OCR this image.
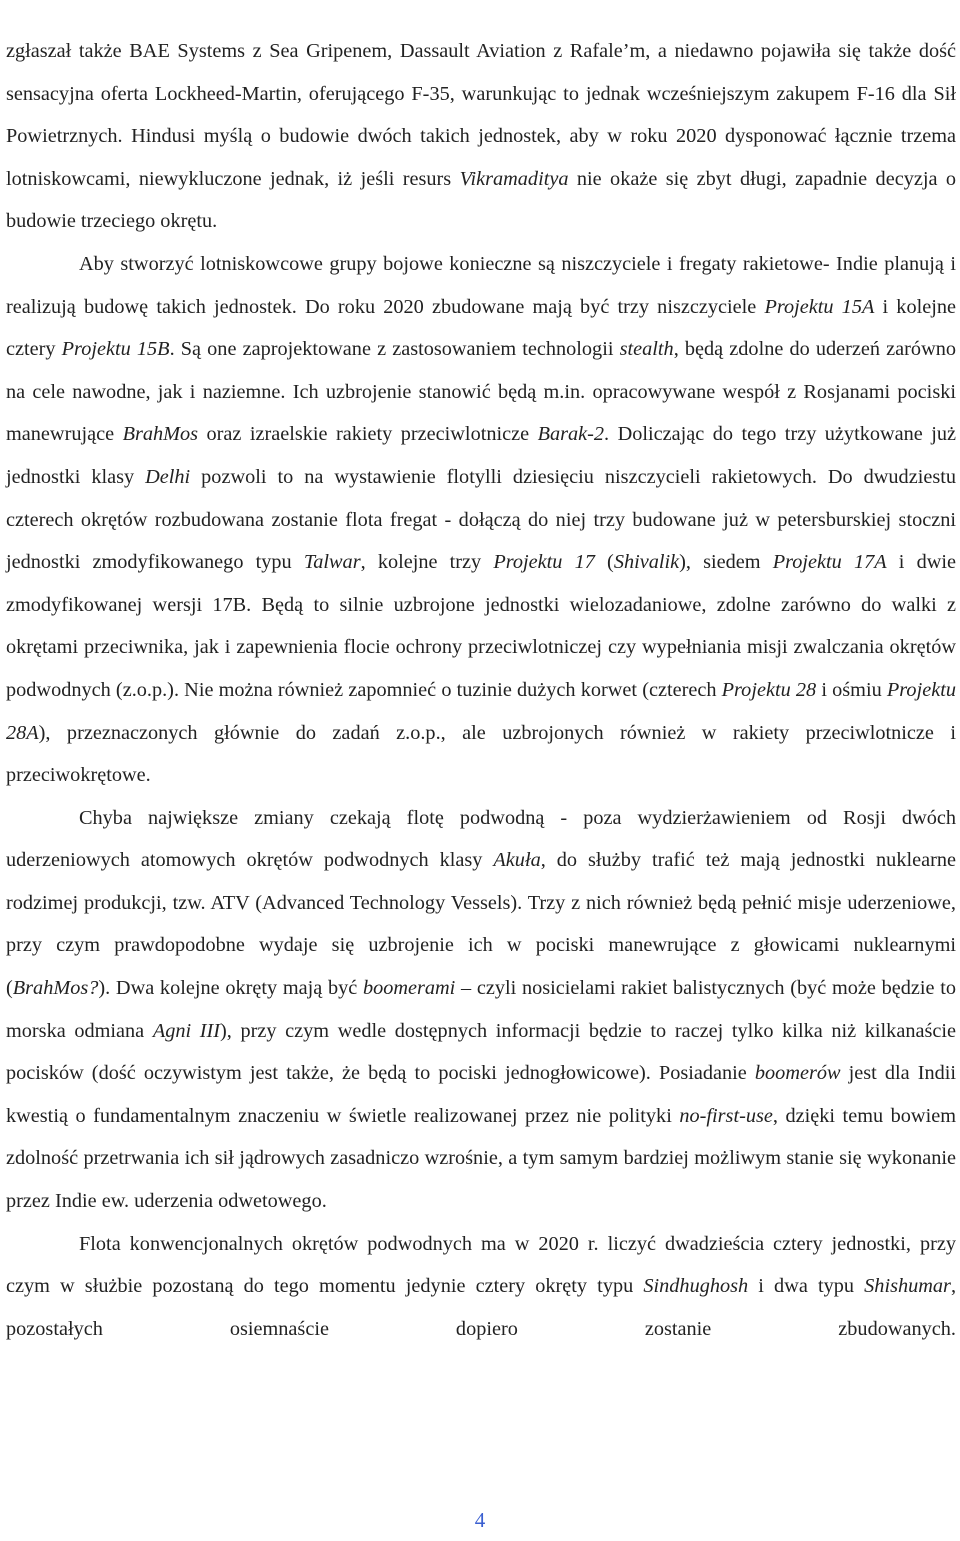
zgłaszał także BAE Systems z Sea Gripenem, Dassault Aviation z Rafale’m, a niedawno pojawiła się także dość sensacyjna oferta Lockheed-Martin, oferującego F-35, warunkując to jednak wcześniejszym zakupem F-16 dla Sił Powietrznych. Hindusi myślą o budowie dwóch takich jednostek, aby w roku 2020 dysponować łącznie trzema lotniskowcami, niewykluczone jednak, iż jeśli resurs Vikramaditya nie okaże się zbyt długi, zapadnie decyzja o budowie trzeciego okrętu.

Aby stworzyć lotniskowcowe grupy bojowe konieczne są niszczyciele i fregaty rakietowe- Indie planują i realizują budowę takich jednostek. Do roku 2020 zbudowane mają być trzy niszczyciele Projektu 15A i kolejne cztery Projektu 15B. Są one zaprojektowane z zastosowaniem technologii stealth, będą zdolne do uderzeń zarówno na cele nawodne, jak i naziemne. Ich uzbrojenie stanowić będą m.in. opracowywane wespół z Rosjanami pociski manewrujące BrahMos oraz izraelskie rakiety przeciwlotnicze Barak-2. Doliczając do tego trzy użytkowane już jednostki klasy Delhi pozwoli to na wystawienie flotylli dziesięciu niszczycieli rakietowych. Do dwudziestu czterech okrętów rozbudowana zostanie flota fregat - dołączą do niej trzy budowane już w petersburskiej stoczni jednostki zmodyfikowanego typu Talwar, kolejne trzy Projektu 17 (Shivalik), siedem Projektu 17A i dwie zmodyfikowanej wersji 17B. Będą to silnie uzbrojone jednostki wielozadaniowe, zdolne zarówno do walki z okrętami przeciwnika, jak i zapewnienia flocie ochrony przeciwlotniczej czy wypełniania misji zwalczania okrętów podwodnych (z.o.p.). Nie można również zapomnieć o tuzinie dużych korwet (czterech Projektu 28 i ośmiu Projektu 28A), przeznaczonych głównie do zadań z.o.p., ale uzbrojonych również w rakiety przeciwlotnicze i przeciwokrętowe.

Chyba największe zmiany czekają flotę podwodną - poza wydzierżawieniem od Rosji dwóch uderzeniowych atomowych okrętów podwodnych klasy Akuła, do służby trafić też mają jednostki nuklearne rodzimej produkcji, tzw. ATV (Advanced Technology Vessels). Trzy z nich również będą pełnić misje uderzeniowe, przy czym prawdopodobne wydaje się uzbrojenie ich w pociski manewrujące z głowicami nuklearnymi (BrahMos?). Dwa kolejne okręty mają być boomerami – czyli nosicielami rakiet balistycznych (być może będzie to morska odmiana Agni III), przy czym wedle dostępnych informacji będzie to raczej tylko kilka niż kilkanaście pocisków (dość oczywistym jest także, że będą to pociski jednogłowicowe). Posiadanie boomerów jest dla Indii kwestią o fundamentalnym znaczeniu w świetle realizowanej przez nie polityki no-first-use, dzięki temu bowiem zdolność przetrwania ich sił jądrowych zasadniczo wzrośnie, a tym samym bardziej możliwym stanie się wykonanie przez Indie ew. uderzenia odwetowego.

Flota konwencjonalnych okrętów podwodnych ma w 2020 r. liczyć dwadzieścia cztery jednostki, przy czym w służbie pozostaną do tego momentu jedynie cztery okręty typu Sindhughosh i dwa typu Shishumar, pozostałych osiemnaście dopiero zostanie zbudowanych.

4
